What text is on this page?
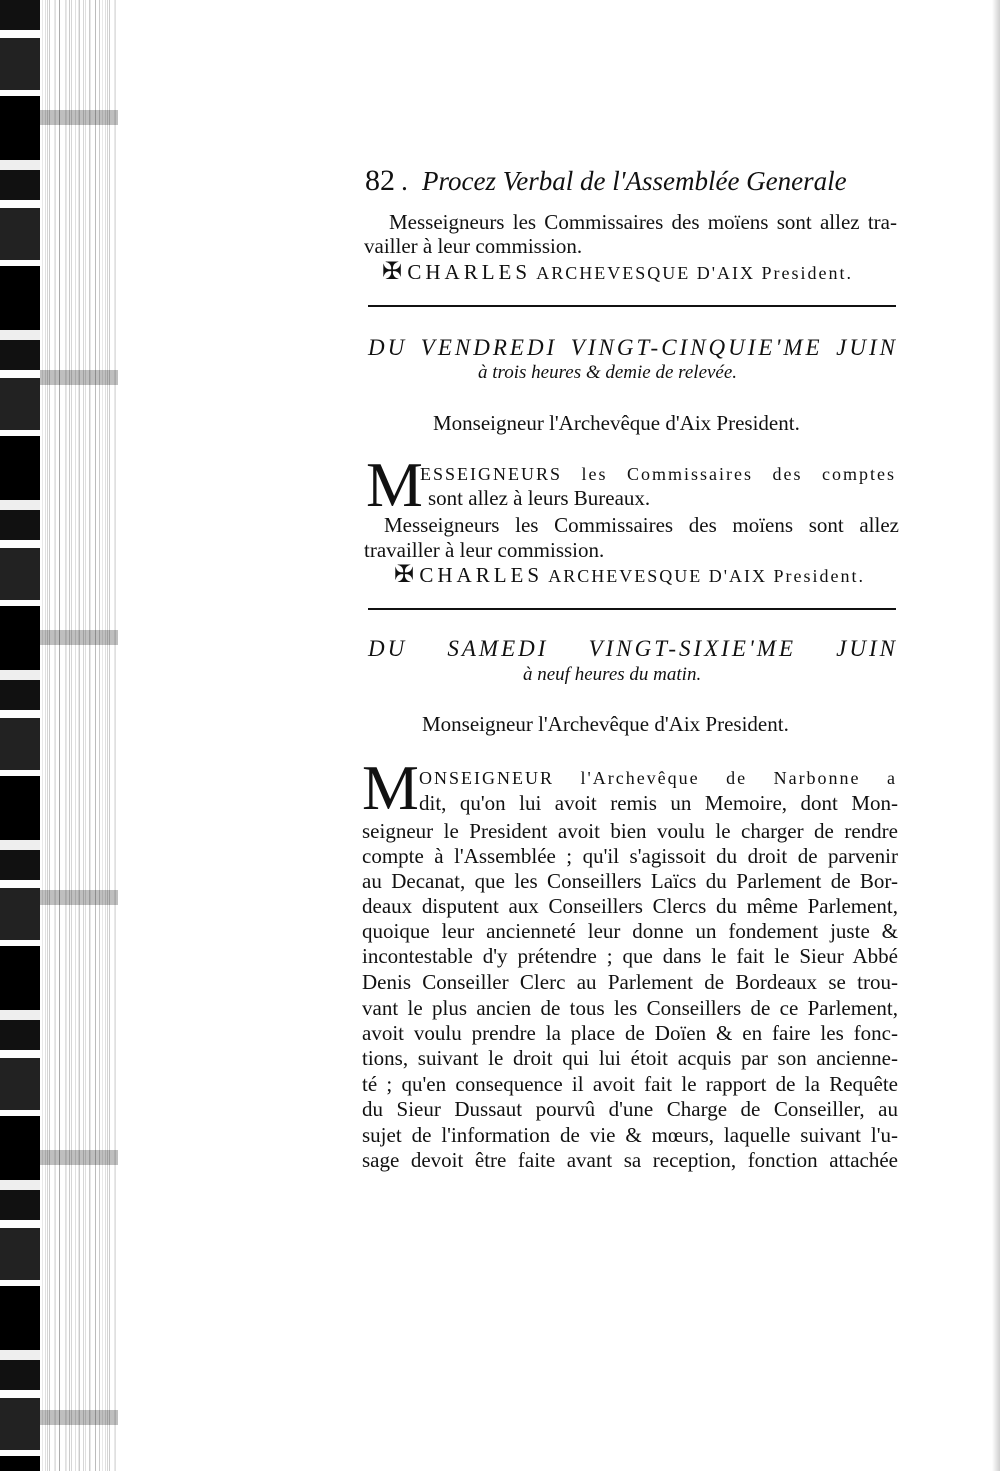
82 .  Procez Verbal de l'Assemblée Generale
Messeigneurs les Commissaires des moïens sont allez tra-
vailler à leur commission.
✠ CHARLES ARCHEVESQUE D'AIX President.
DU VENDREDI VINGT-CINQUIE'ME JUIN
à trois heures & demie de relevée.
Monseigneur l'Archevêque d'Aix President.
M
ESSEIGNEURS les Commissaires des comptes
sont allez à leurs Bureaux.
Messeigneurs les Commissaires des moïens sont allez
travailler à leur commission.
✠ CHARLES ARCHEVESQUE D'AIX President.
DU SAMEDI VINGT-SIXIE'ME JUIN
à neuf heures du matin.
Monseigneur l'Archevêque d'Aix President.
M ONSEIGNEUR l'Archevêque de Narbonne a
dit, qu'on lui avoit remis un Memoire, dont Mon-
seigneur le President avoit bien voulu le charger de rendre
compte à l'Assemblée ; qu'il s'agissoit du droit de parvenir
au Decanat, que les Conseillers Laïcs du Parlement de Bor-
deaux disputent aux Conseillers Clercs du même Parlement,
quoique leur ancienneté leur donne un fondement juste &
incontestable d'y prétendre ; que dans le fait le Sieur Abbé
Denis Conseiller Clerc au Parlement de Bordeaux se trou-
vant le plus ancien de tous les Conseillers de ce Parlement,
avoit voulu prendre la place de Doïen & en faire les fonc-
tions, suivant le droit qui lui étoit acquis par son ancienne-
té ; qu'en consequence il avoit fait le rapport de la Requête
du Sieur Dussaut pourvû d'une Charge de Conseiller, au
sujet de l'information de vie & mœurs, laquelle suivant l'u-
sage devoit être faite avant sa reception, fonction attachée
